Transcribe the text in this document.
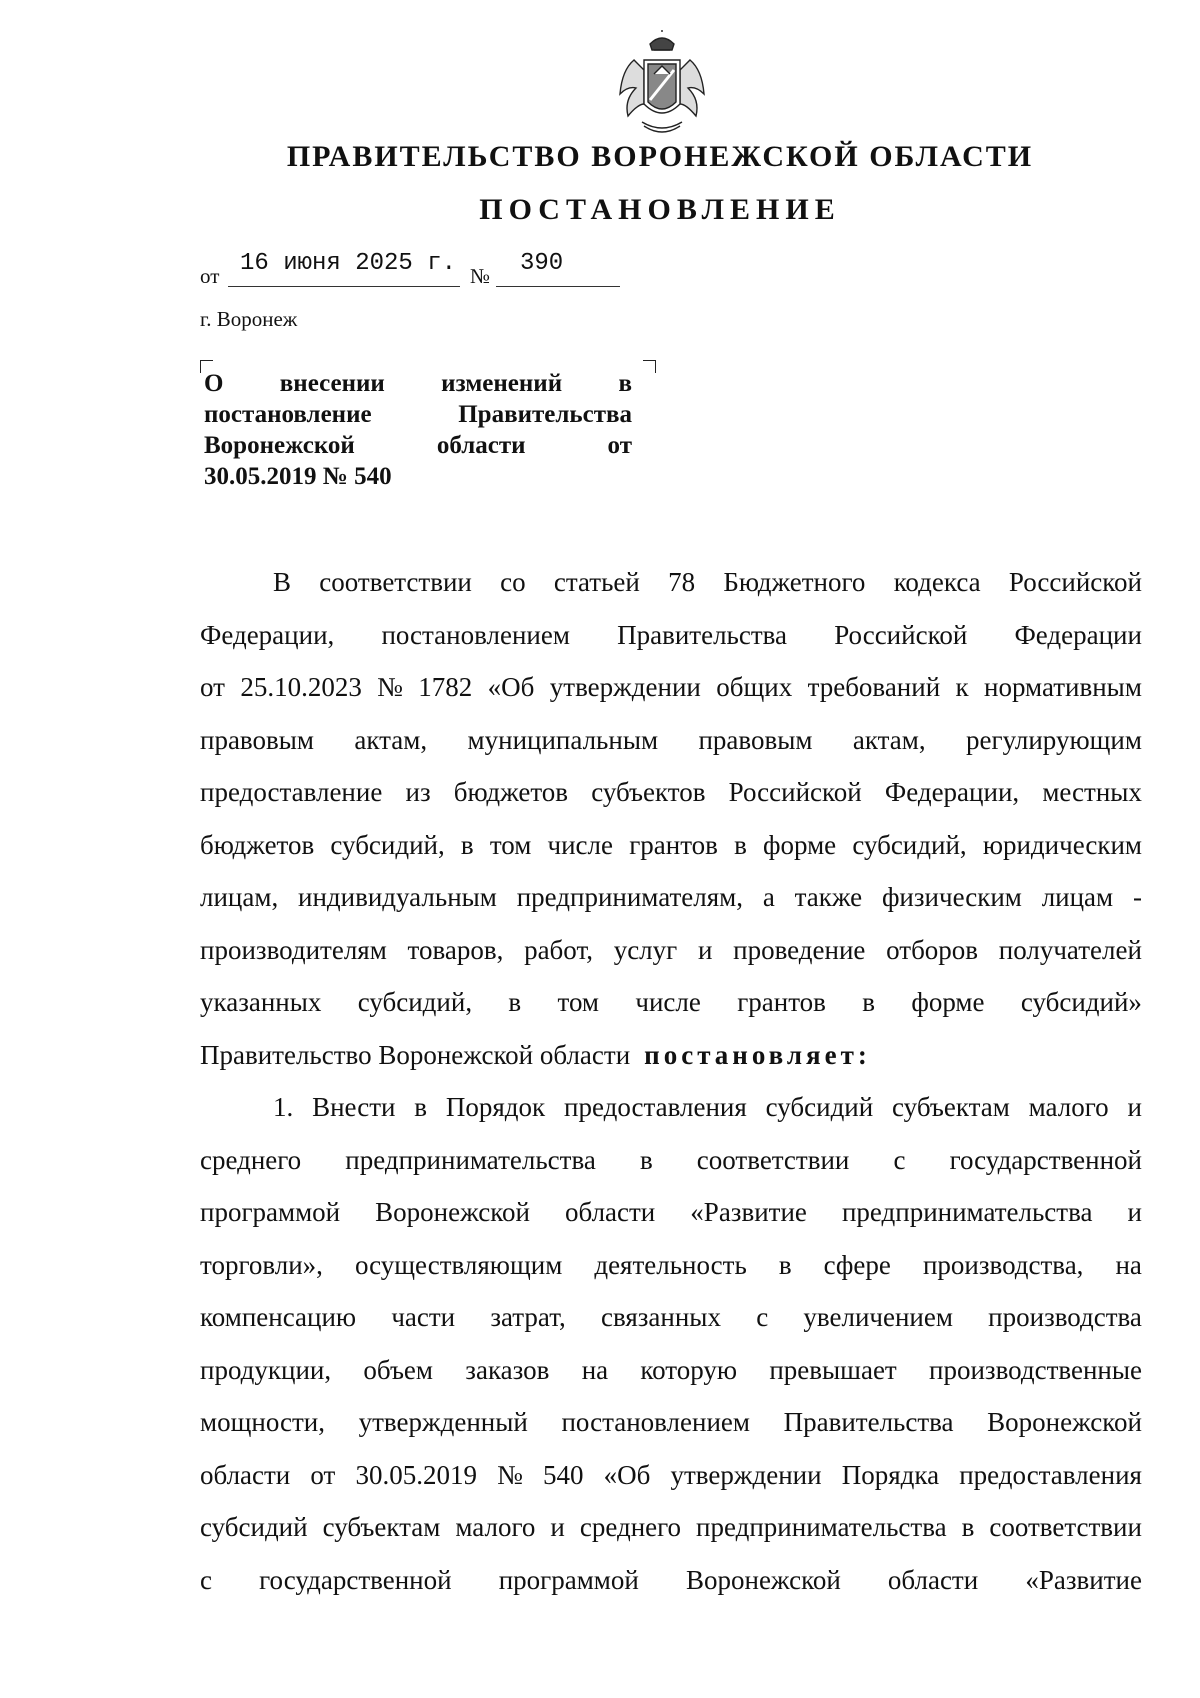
ПРАВИТЕЛЬСТВО ВОРОНЕЖСКОЙ ОБЛАСТИ
ПОСТАНОВЛЕНИЕ
от 16 июня 2025 г. № 390
г. Воронеж
О внесении изменений в
постановление	Правительства
Воронежской	области	от
30.05.2019 № 540
В соответствии со статьей 78 Бюджетного кодекса Российской
Федерации, постановлением Правительства Российской Федерации
от 25.10.2023 № 1782 «Об утверждении общих требований к нормативным
правовым актам, муниципальным правовым актам, регулирующим
предоставление из бюджетов субъектов Российской Федерации, местных
бюджетов субсидий, в том числе грантов в форме субсидий, юридическим
лицам, индивидуальным предпринимателям, а также физическим лицам -
производителям товаров, работ, услуг и проведение отборов получателей
указанных субсидий, в том числе грантов в форме субсидий»
Правительство Воронежской области постановляет:
1. Внести в Порядок предоставления субсидий субъектам малого и
среднего предпринимательства в соответствии с государственной
программой Воронежской области «Развитие предпринимательства и
торговли», осуществляющим деятельность в сфере производства, на
компенсацию части затрат, связанных с увеличением производства
продукции, объем заказов на которую превышает производственные
мощности, утвержденный постановлением Правительства Воронежской
области от 30.05.2019 № 540 «Об утверждении Порядка предоставления
субсидий субъектам малого и среднего предпринимательства в соответствии
с государственной программой Воронежской области «Развитие
